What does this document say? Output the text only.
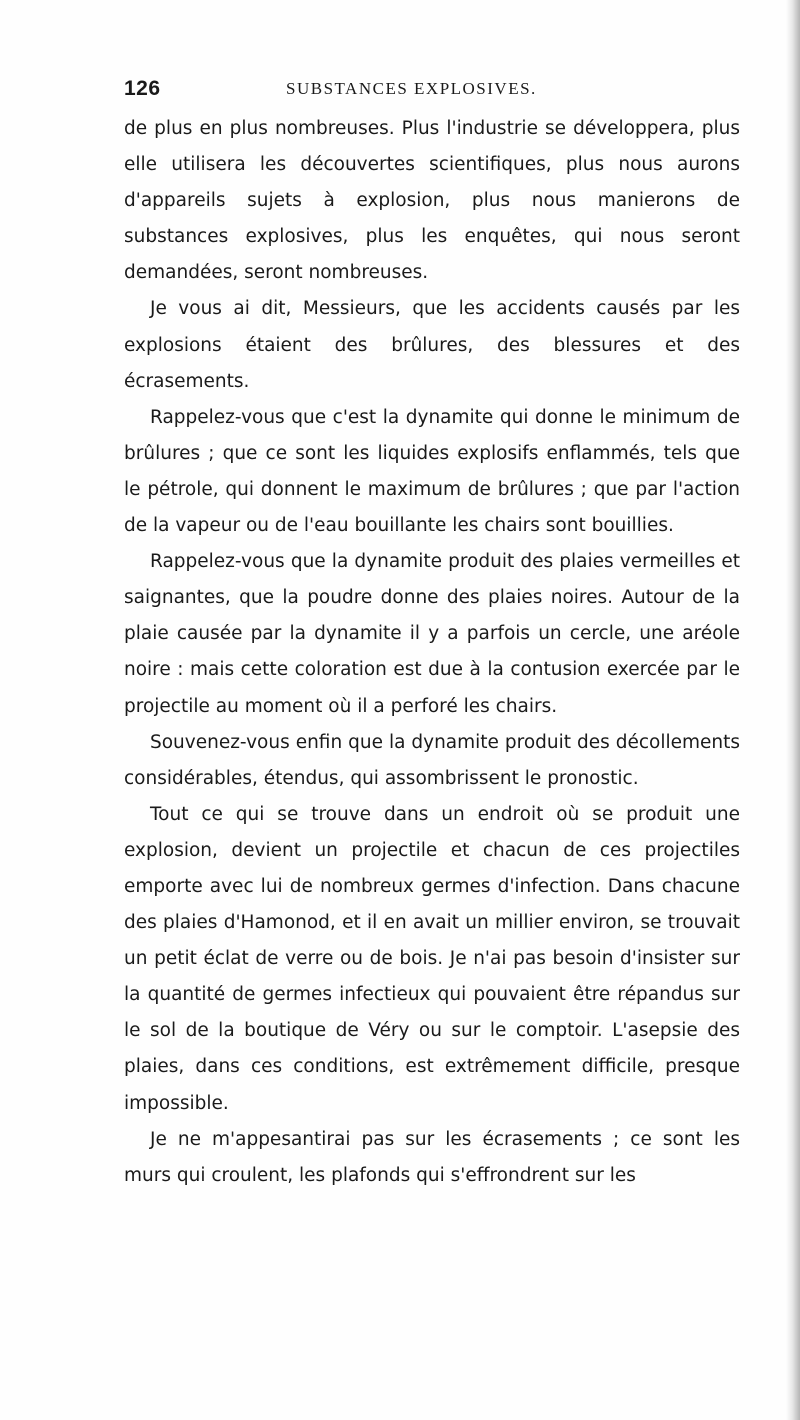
126	SUBSTANCES EXPLOSIVES.

de plus en plus nombreuses. Plus l'industrie se développera, plus elle utilisera les découvertes scientifiques, plus nous aurons d'appareils sujets à explosion, plus nous manierons de substances explosives, plus les enquêtes, qui nous seront demandées, seront nombreuses.

Je vous ai dit, Messieurs, que les accidents causés par les explosions étaient des brûlures, des blessures et des écrasements.

Rappelez-vous que c'est la dynamite qui donne le minimum de brûlures ; que ce sont les liquides explosifs enflammés, tels que le pétrole, qui donnent le maximum de brûlures ; que par l'action de la vapeur ou de l'eau bouillante les chairs sont bouillies.

Rappelez-vous que la dynamite produit des plaies vermeilles et saignantes, que la poudre donne des plaies noires. Autour de la plaie causée par la dynamite il y a parfois un cercle, une aréole noire : mais cette coloration est due à la contusion exercée par le projectile au moment où il a perforé les chairs.

Souvenez-vous enfin que la dynamite produit des décollements considérables, étendus, qui assombrissent le pronostic.

Tout ce qui se trouve dans un endroit où se produit une explosion, devient un projectile et chacun de ces projectiles emporte avec lui de nombreux germes d'infection. Dans chacune des plaies d'Hamonod, et il en avait un millier environ, se trouvait un petit éclat de verre ou de bois. Je n'ai pas besoin d'insister sur la quantité de germes infectieux qui pouvaient être répandus sur le sol de la boutique de Véry ou sur le comptoir. L'asepsie des plaies, dans ces conditions, est extrêmement difficile, presque impossible.

Je ne m'appesantirai pas sur les écrasements ; ce sont les murs qui croulent, les plafonds qui s'effrondrent sur les
